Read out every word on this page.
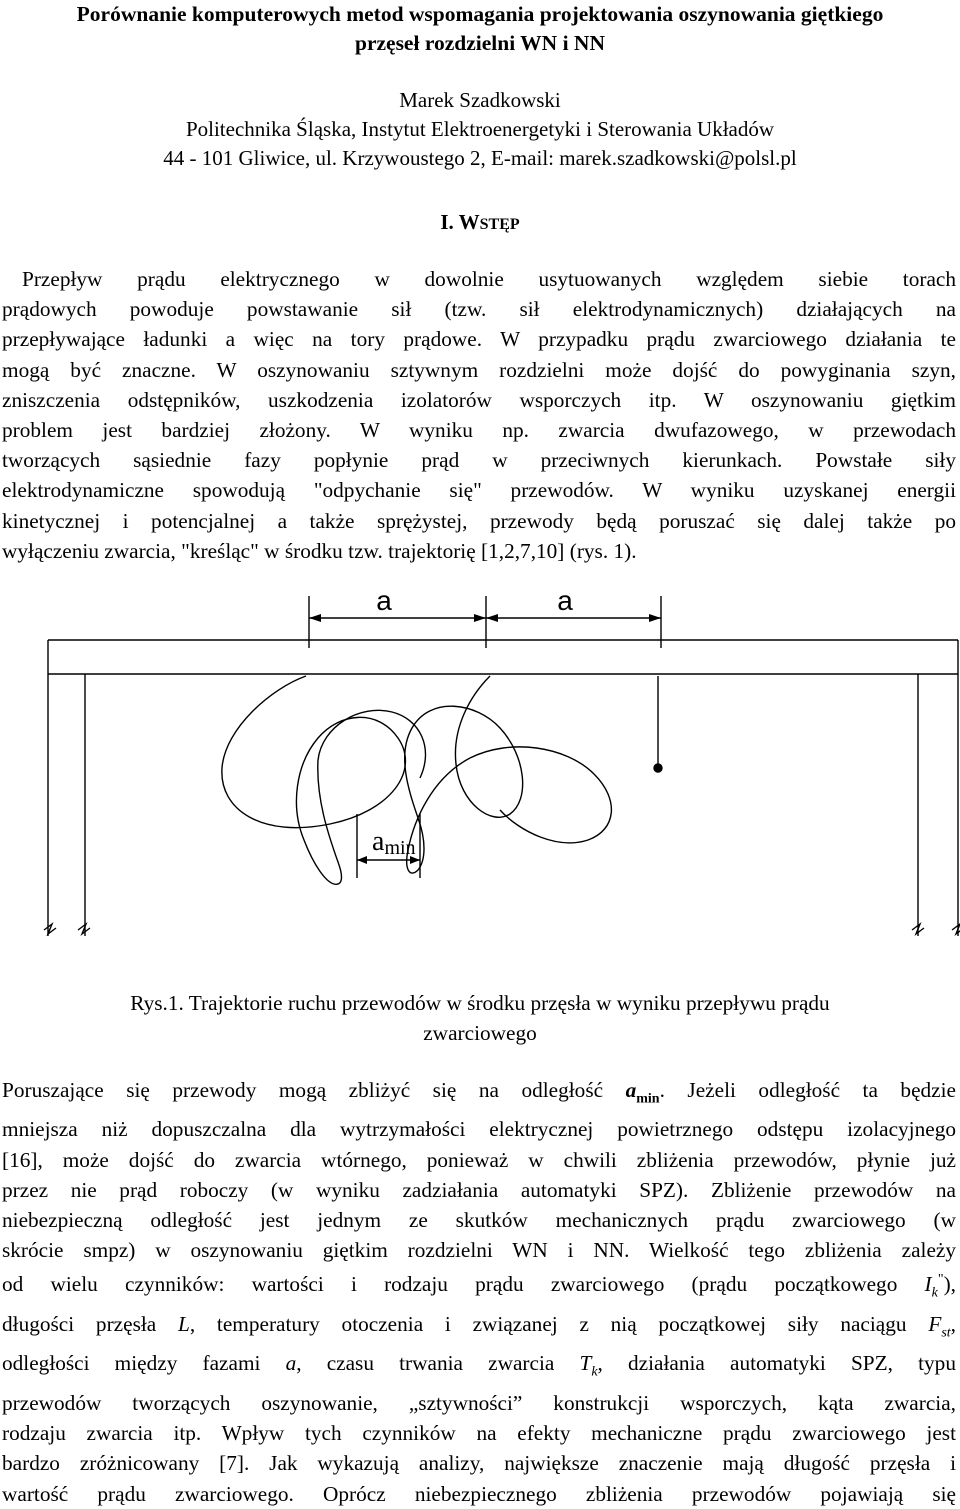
Porównanie komputerowych metod wspomagania projektowania oszynowania giętkiego
przęseł rozdzielni WN i NN
Marek Szadkowski
Politechnika Śląska, Instytut Elektroenergetyki i Sterowania Układów
44 - 101 Gliwice, ul. Krzywoustego 2, E-mail: marek.szadkowski@polsl.pl
I. WSTĘP
Przepływ prądu elektrycznego w dowolnie usytuowanych względem siebie torach
prądowych powoduje powstawanie sił (tzw. sił elektrodynamicznych) działających na
przepływające ładunki a więc na tory prądowe. W przypadku prądu zwarciowego działania te
mogą być znaczne. W oszynowaniu sztywnym rozdzielni może dojść do powyginania szyn,
zniszczenia odstępników, uszkodzenia izolatorów wsporczych itp. W oszynowaniu giętkim
problem jest bardziej złożony. W wyniku np. zwarcia dwufazowego, w przewodach
tworzących sąsiednie fazy popłynie prąd w przeciwnych kierunkach. Powstałe siły
elektrodynamiczne spowodują "odpychanie się" przewodów. W wyniku uzyskanej energii
kinetycznej i potencjalnej a także sprężystej, przewody będą poruszać się dalej także po
wyłączeniu zwarcia, "kreśląc" w środku tzw. trajektorię [1,2,7,10] (rys. 1).
a	a
amin
Rys.1. Trajektorie ruchu przewodów w środku przęsła w wyniku przepływu prądu
zwarciowego
Poruszające się przewody mogą zbliżyć się na odległość $a_{min}$. Jeżeli odległość ta będzie
mniejsza niż dopuszczalna dla wytrzymałości elektrycznej powietrznego odstępu izolacyjnego
[16], może dojść do zwarcia wtórnego, ponieważ w chwili zbliżenia przewodów, płynie już
przez nie prąd roboczy (w wyniku zadziałania automatyki SPZ). Zbliżenie przewodów na
niebezpieczną odległość jest jednym ze skutków mechanicznych prądu zwarciowego (w
skrócie smpz) w oszynowaniu giętkim rozdzielni WN i NN. Wielkość tego zbliżenia zależy
od wielu czynników: wartości i rodzaju prądu zwarciowego (prądu początkowego $I_k^"$),
długości przęsła L, temperatury otoczenia i związanej z nią początkowej siły naciągu $F_{st}$,
odległości między fazami a, czasu trwania zwarcia $T_k$, działania automatyki SPZ, typu
przewodów tworzących oszynowanie, „sztywności” konstrukcji wsporczych, kąta zwarcia,
rodzaju zwarcia itp. Wpływ tych czynników na efekty mechaniczne prądu zwarciowego jest
bardzo zróżnicowany [7]. Jak wykazują analizy, największe znaczenie mają długość przęsła i
wartość prądu zwarciowego. Oprócz niebezpiecznego zbliżenia przewodów pojawiają się
